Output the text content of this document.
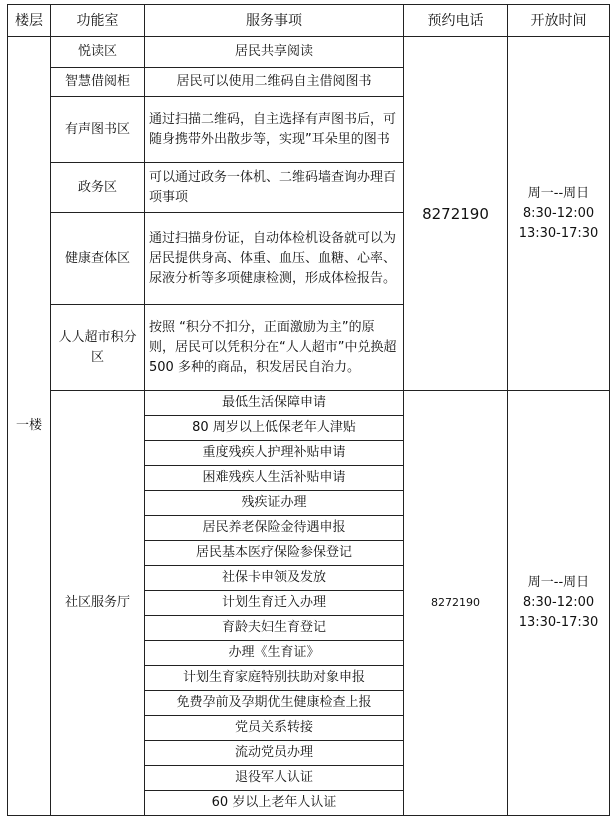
楼层	功能室	服务事项	预约电话	开放时间
一楼	悦读区	居民共享阅读	8272190	周一--周日
8:30-12:00
13:30-17:30

	智慧借阅柜	居民可以使用二维码自主借阅图书		
	有声图书区	通过扫描二维码，自主选择有声图书后，可随身携带外出散步等，实现”耳朵里的图书		
	政务区	可以通过政务一体机、二维码墙查询办理百项事项		
	健康查体区	通过扫描身份证，自动体检机设备就可以为居民提供身高、体重、血压、血糖、心率、尿液分析等多项健康检测，形成体检报告。		
	人人超市积分区	按照 “积分不扣分，正面激励为主”的原则，居民可以凭积分在“人人超市”中兑换超 500 多种的商品，积发居民自治力。		
	社区服务厅	最低生活保障申请	8272190	周一--周日
8:30-12:00
13:30-17:30

		80 周岁以上低保老年人津贴		
		重度残疾人护理补贴申请		
		困难残疾人生活补贴申请		
		残疾证办理		
		居民养老保险金待遇申报		
		居民基本医疗保险参保登记		
		社保卡申领及发放		
		计划生育迁入办理		
		育龄夫妇生育登记		
		办理《生育证》		
		计划生育家庭特别扶助对象申报		
		免费孕前及孕期优生健康检查上报		
		党员关系转接		
		流动党员办理		
		退役军人认证		
		60 岁以上老年人认证		
